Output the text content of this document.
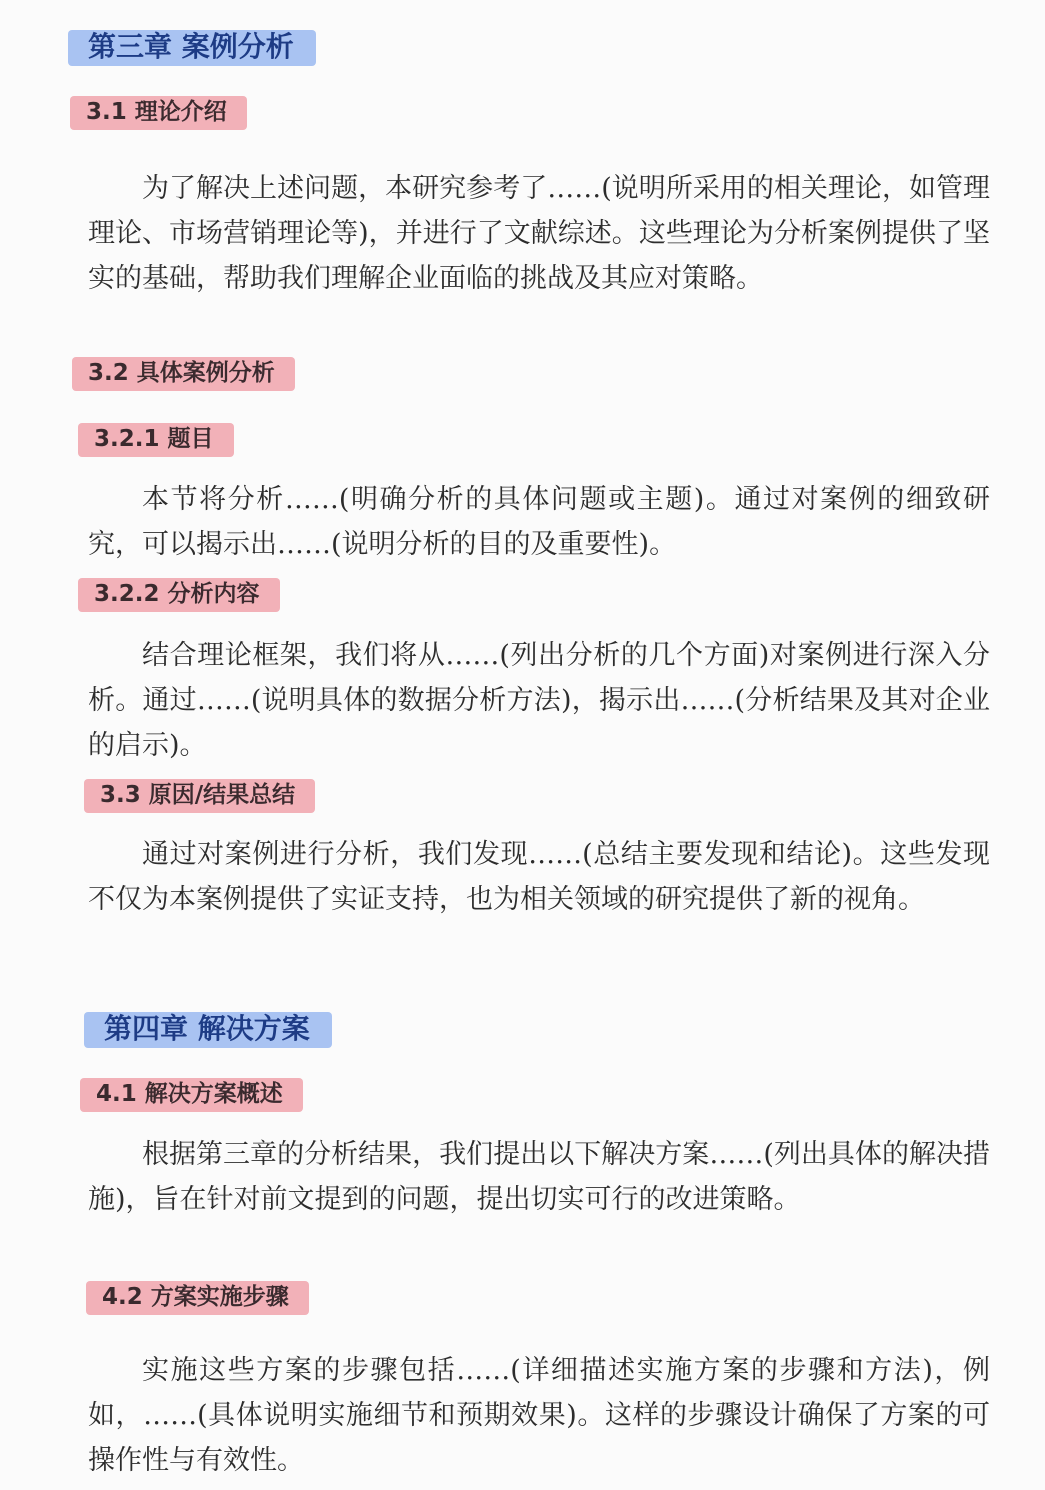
第三章 案例分析
3.1 理论介绍

为了解决上述问题，本研究参考了……(说明所采用的相关理论，如管理理论、市场营销理论等)，并进行了文献综述。这些理论为分析案例提供了坚实的基础，帮助我们理解企业面临的挑战及其应对策略。

3.2 具体案例分析
3.2.1 题目

本节将分析……(明确分析的具体问题或主题)。通过对案例的细致研究，可以揭示出……(说明分析的目的及重要性)。

3.2.2 分析内容

结合理论框架，我们将从……(列出分析的几个方面)对案例进行深入分析。通过……(说明具体的数据分析方法)，揭示出……(分析结果及其对企业的启示)。

3.3 原因/结果总结

通过对案例进行分析，我们发现……(总结主要发现和结论)。这些发现不仅为本案例提供了实证支持，也为相关领域的研究提供了新的视角。

第四章 解决方案
4.1 解决方案概述

根据第三章的分析结果，我们提出以下解决方案……(列出具体的解决措施)，旨在针对前文提到的问题，提出切实可行的改进策略。

4.2 方案实施步骤

实施这些方案的步骤包括……(详细描述实施方案的步骤和方法)，例如，……(具体说明实施细节和预期效果)。这样的步骤设计确保了方案的可操作性与有效性。
